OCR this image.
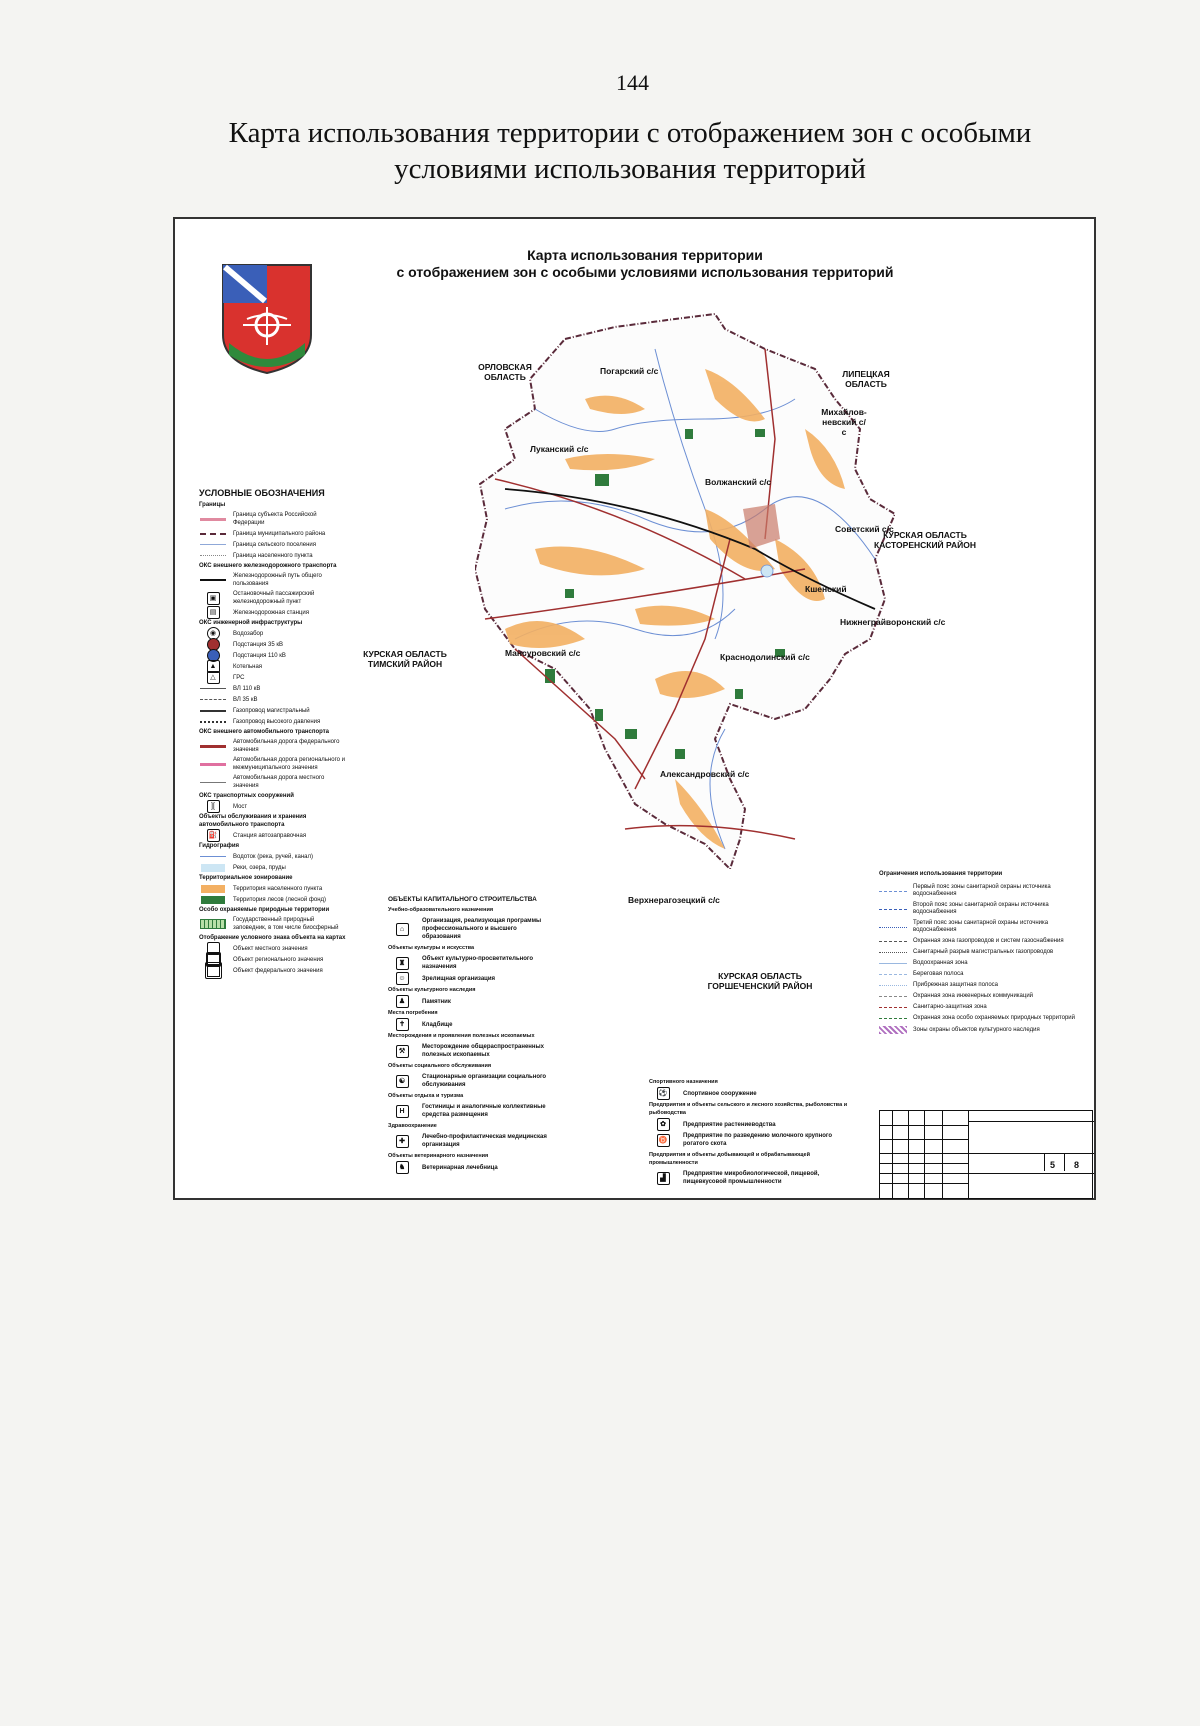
144
Карта использования территории с отображением зон с особыми
условиями использования территорий
Карта использования территории
с отображением зон с особыми условиями использования территорий
ОРЛОВСКАЯ ОБЛАСТЬ	ЛИПЕЦКАЯ ОБЛАСТЬ
КУРСКАЯ ОБЛАСТЬ КАСТОРЕНСКИЙ РАЙОН
КУРСКАЯ ОБЛАСТЬ ТИМСКИЙ РАЙОН
КУРСКАЯ ОБЛАСТЬ ГОРШЕЧЕНСКИЙ РАЙОН
Погарский с/с
Михайлов-невский с/с
Луканский с/с
Волжанский с/с
Советский с/с
Кшенский
Нижнеграйворонский с/с
Мансуровский с/с	Краснодолинский с/с
Александровский с/с
Верхнерагозецкий с/с
УСЛОВНЫЕ ОБОЗНАЧЕНИЯ
Границы
Граница субъекта Российской Федерации
Граница муниципального района
Граница сельского поселения
Граница населенного пункта
ОКС внешнего железнодорожного транспорта
Железнодорожный путь общего пользования
▣
Остановочный пассажирский железнодорожный пункт
▤	Железнодорожная станция
ОКС инженерной инфраструктуры
◉	Водозабор
Подстанция 35 кВ
Подстанция 110 кВ
▲	Котельная
△	ГРС
ВЛ 110 кВ
ВЛ 35 кВ
Газопровод магистральный
Газопровод высокого давления
ОКС внешнего автомобильного транспорта
Автомобильная дорога федерального значения
Автомобильная дорога регионального и межмуниципального значения
Автомобильная дорога местного значения
ОКС транспортных сооружений
][	Мост
Объекты обслуживания и хранения автомобильного транспорта
⛽	Станция автозаправочная
Гидрография
Водоток (река, ручей, канал)
Реки, озера, пруды
Территориальное зонирование
Территория населенного пункта
Территория лесов (лесной фонд)
Особо охраняемые природные территории
Государственный природный заповедник, в том числе биосферный
Отображение условного знака объекта на картах
Объект местного значения
Объект регионального значения
Объект федерального значения
ОБЪЕКТЫ КАПИТАЛЬНОГО СТРОИТЕЛЬСТВА
Учебно-образовательного назначения
⌂
Организация, реализующая программы профессионального и высшего образования
Объекты культуры и искусства
♜
Объект культурно-просветительного назначения
☺	Зрелищная организация
Объекты культурного наследия
♟	Памятник
Места погребения
✝	Кладбище
Месторождения и проявления полезных ископаемых
⚒
Месторождение общераспространенных полезных ископаемых
Объекты социального обслуживания
☯
Стационарные организации социального обслуживания
Объекты отдыха и туризма
H
Гостиницы и аналогичные коллективные средства размещения
Здравоохранение
✚
Лечебно-профилактическая медицинская организация
Объекты ветеринарного назначения
♞	Ветеринарная лечебница
Спортивного назначения
⚽	Спортивное сооружение
Предприятия и объекты сельского и лесного хозяйства, рыболовства и рыбоводства
✿	Предприятие растениеводства
♉
Предприятие по разведению молочного крупного рогатого скота
Предприятия и объекты добывающей и обрабатывающей промышленности
▟
Предприятие микробиологической, пищевой, пищевкусовой промышленности
Ограничения использования территории
Первый пояс зоны санитарной охраны источника водоснабжения
Второй пояс зоны санитарной охраны источника водоснабжения
Третий пояс зоны санитарной охраны источника водоснабжения
Охранная зона газопроводов и систем газоснабжения
Санитарный разрыв магистральных газопроводов
Водоохранная зона
Береговая полоса
Прибрежная защитная полоса
Охранная зона инженерных коммуникаций
Санитарно-защитная зона
Охранная зона особо охраняемых природных территорий
Зоны охраны объектов культурного наследия
5 8
